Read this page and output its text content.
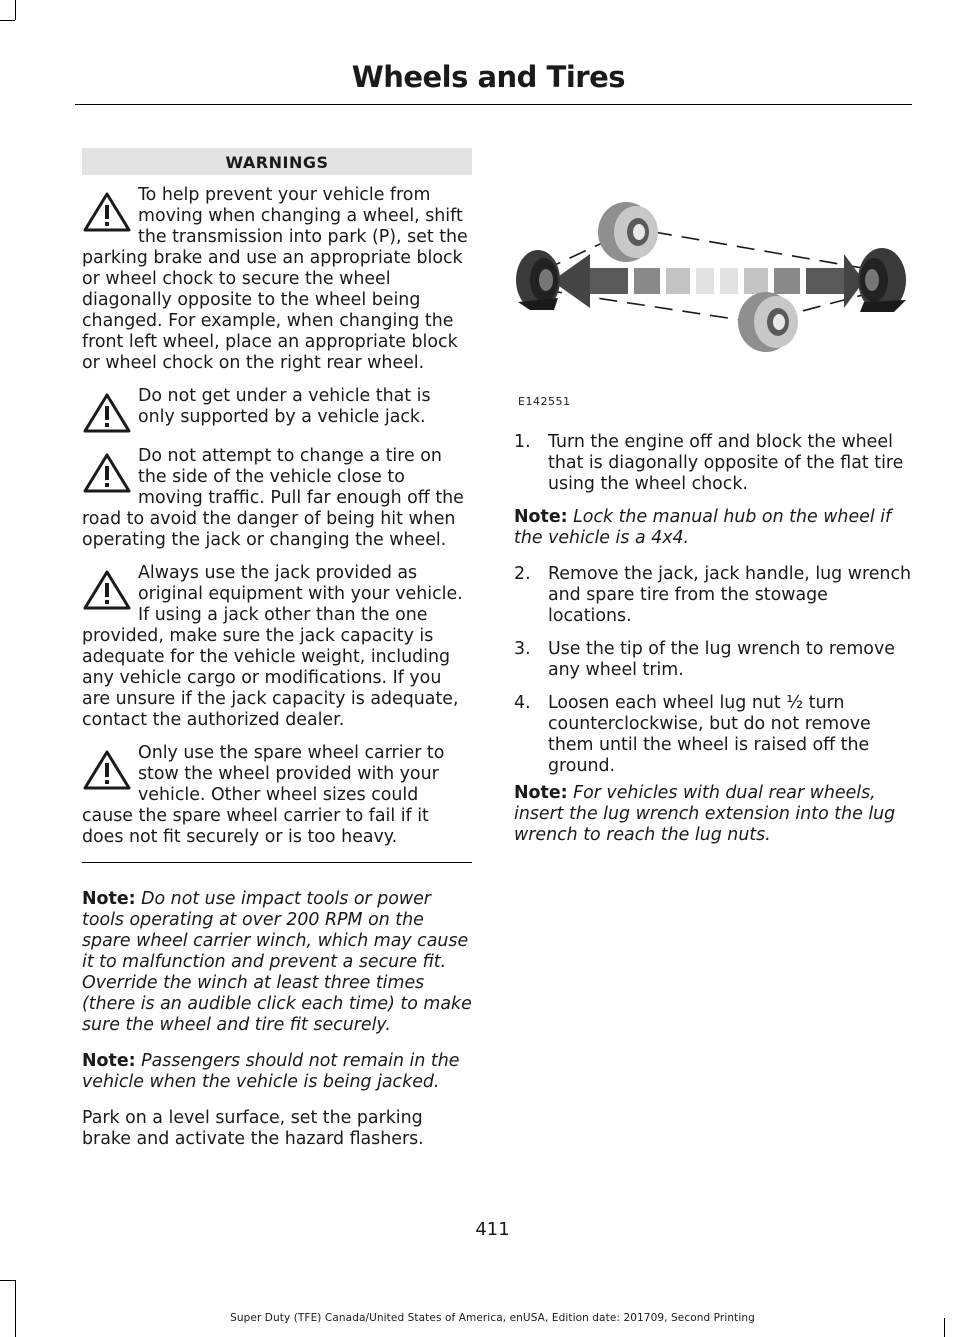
Wheels and Tires
WARNINGS

To help prevent your vehicle from moving when changing a wheel, shift the transmission into park (P), set the parking brake and use an appropriate block or wheel chock to secure the wheel diagonally opposite to the wheel being changed. For example, when changing the front left wheel, place an appropriate block or wheel chock on the right rear wheel.

Do not get under a vehicle that is only supported by a vehicle jack.

Do not attempt to change a tire on the side of the vehicle close to moving traffic. Pull far enough off the road to avoid the danger of being hit when operating the jack or changing the wheel.

Always use the jack provided as original equipment with your vehicle. If using a jack other than the one provided, make sure the jack capacity is adequate for the vehicle weight, including any vehicle cargo or modifications. If you are unsure if the jack capacity is adequate, contact the authorized dealer.

Only use the spare wheel carrier to stow the wheel provided with your vehicle. Other wheel sizes could cause the spare wheel carrier to fail if it does not fit securely or is too heavy.

Note: Do not use impact tools or power tools operating at over 200 RPM on the spare wheel carrier winch, which may cause it to malfunction and prevent a secure fit. Override the winch at least three times (there is an audible click each time) to make sure the wheel and tire fit securely.

Note: Passengers should not remain in the vehicle when the vehicle is being jacked.

Park on a level surface, set the parking brake and activate the hazard flashers.

E142551
1.	Turn the engine off and block the wheel that is diagonally opposite of the flat tire using the wheel chock.

Note: Lock the manual hub on the wheel if the vehicle is a 4x4.

2.	Remove the jack, jack handle, lug wrench and spare tire from the stowage locations.
3.	Use the tip of the lug wrench to remove any wheel trim.
4.	Loosen each wheel lug nut ½ turn counterclockwise, but do not remove them until the wheel is raised off the ground.

Note: For vehicles with dual rear wheels, insert the lug wrench extension into the lug wrench to reach the lug nuts.

411
Super Duty (TFE) Canada/United States of America, enUSA, Edition date: 201709, Second Printing
